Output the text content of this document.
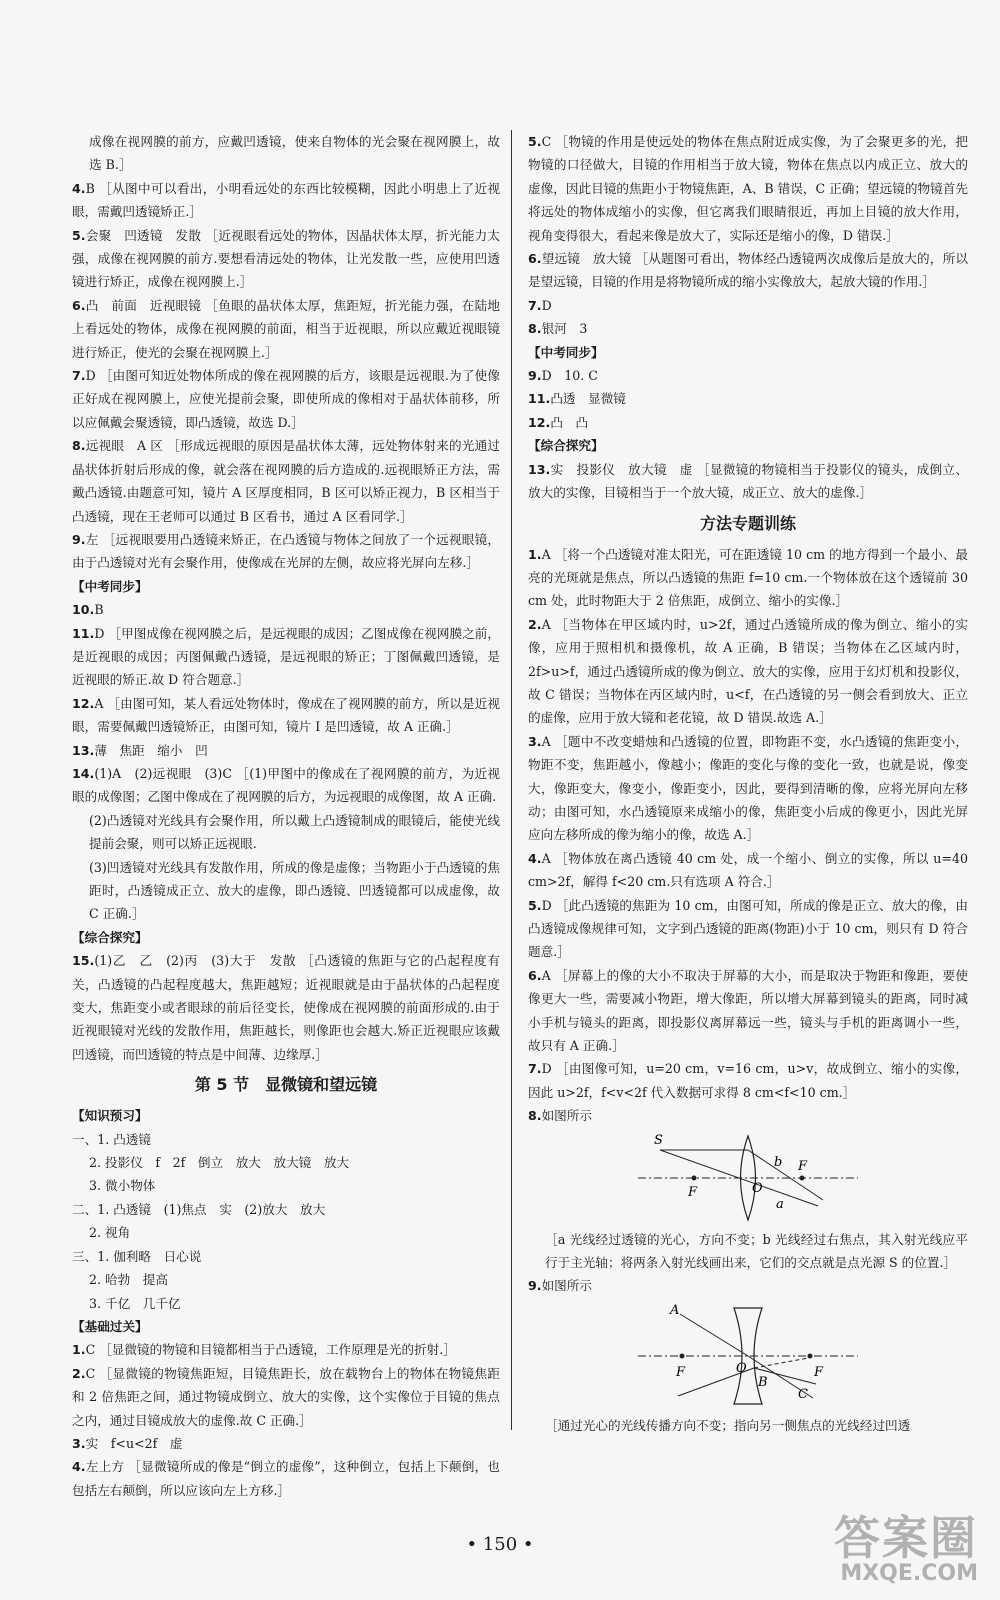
成像在视网膜的前方，应戴凹透镜，使来自物体的光会聚在视网膜上，故选 B.］

4.B ［从图中可以看出，小明看远处的东西比较模糊，因此小明患上了近视眼，需戴凹透镜矫正.］

5.会聚　凹透镜　发散 ［近视眼看远处的物体，因晶状体太厚，折光能力太强，成像在视网膜的前方.要想看清远处的物体，让光发散一些，应使用凹透镜进行矫正，成像在视网膜上.］

6.凸　前面　近视眼镜 ［鱼眼的晶状体太厚，焦距短，折光能力强，在陆地上看远处的物体，成像在视网膜的前面，相当于近视眼，所以应戴近视眼镜进行矫正，使光的会聚在视网膜上.］

7.D ［由图可知近处物体所成的像在视网膜的后方，该眼是远视眼.为了使像正好成在视网膜上，应使光提前会聚，即使所成的像相对于晶状体前移，所以应佩戴会聚透镜，即凸透镜，故选 D.］

8.远视眼　A 区 ［形成远视眼的原因是晶状体太薄，远处物体射来的光通过晶状体折射后形成的像，就会落在视网膜的后方造成的.远视眼矫正方法，需戴凸透镜.由题意可知，镜片 A 区厚度相同，B 区可以矫正视力，B 区相当于凸透镜，现在王老师可以通过 B 区看书，通过 A 区看同学.］

9.左 ［远视眼要用凸透镜来矫正，在凸透镜与物体之间放了一个远视眼镜，由于凸透镜对光有会聚作用，使像成在光屏的左侧，故应将光屏向左移.］

【中考同步】

10.B

11.D ［甲图成像在视网膜之后，是远视眼的成因；乙图成像在视网膜之前，是近视眼的成因；丙图佩戴凸透镜，是远视眼的矫正；丁图佩戴凹透镜，是近视眼的矫正.故 D 符合题意.］

12.A ［由图可知，某人看远处物体时，像成在了视网膜的前方，所以是近视眼，需要佩戴凹透镜矫正，由图可知，镜片 Ⅰ 是凹透镜，故 A 正确.］

13.薄　焦距　缩小　凹

14.(1)A　(2)远视眼　(3)C ［(1)甲图中的像成在了视网膜的前方，为近视眼的成像图；乙图中像成在了视网膜的后方，为远视眼的成像图，故 A 正确.

(2)凸透镜对光线具有会聚作用，所以戴上凸透镜制成的眼镜后，能使光线提前会聚，则可以矫正远视眼.

(3)凹透镜对光线具有发散作用，所成的像是虚像；当物距小于凸透镜的焦距时，凸透镜成正立、放大的虚像，即凸透镜、凹透镜都可以成虚像，故 C 正确.］

【综合探究】

15.(1)乙　乙　(2)丙　(3)大于　发散 ［凸透镜的焦距与它的凸起程度有关，凸透镜的凸起程度越大，焦距越短；近视眼就是由于晶状体的凸起程度变大，焦距变小或者眼球的前后径变长，使像成在视网膜的前面形成的.由于近视眼镜对光线的发散作用，焦距越长，则像距也会越大.矫正近视眼应该戴凹透镜，而凹透镜的特点是中间薄、边缘厚.］

第 5 节　显微镜和望远镜

【知识预习】

一、1. 凸透镜

2. 投影仪　f　2f　倒立　放大　放大镜　放大

3. 微小物体

二、1. 凸透镜　(1)焦点　实　(2)放大　放大

2. 视角

三、1. 伽利略　日心说

2. 哈勃　提高

3. 千亿　几千亿

【基础过关】

1.C ［显微镜的物镜和目镜都相当于凸透镜，工作原理是光的折射.］

2.C ［显微镜的物镜焦距短，目镜焦距长，放在载物台上的物体在物镜焦距和 2 倍焦距之间，通过物镜成倒立、放大的实像，这个实像位于目镜的焦点之内，通过目镜成放大的虚像.故 C 正确.］

3.实　f<u<2f　虚

4.左上方 ［显微镜所成的像是“倒立的虚像”，这种倒立，包括上下颠倒，也包括左右颠倒，所以应该向左上方移.］

5.C ［物镜的作用是使远处的物体在焦点附近成实像，为了会聚更多的光，把物镜的口径做大，目镜的作用相当于放大镜，物体在焦点以内成正立、放大的虚像，因此目镜的焦距小于物镜焦距，A、B 错误，C 正确；望远镜的物镜首先将远处的物体成缩小的实像，但它离我们眼睛很近，再加上目镜的放大作用，视角变得很大，看起来像是放大了，实际还是缩小的像，D 错误.］

6.望远镜　放大镜 ［从题图可看出，物体经凸透镜两次成像后是放大的，所以是望远镜，目镜的作用是将物镜所成的缩小实像放大，起放大镜的作用.］

7.D

8.银河　3

【中考同步】

9.D　10. C

11.凸透　显微镜

12.凸　凸

【综合探究】

13.实　投影仪　放大镜　虚 ［显微镜的物镜相当于投影仪的镜头，成倒立、放大的实像，目镜相当于一个放大镜，成正立、放大的虚像.］

方法专题训练

1.A ［将一个凸透镜对准太阳光，可在距透镜 10 cm 的地方得到一个最小、最亮的光斑就是焦点，所以凸透镜的焦距 f=10 cm.一个物体放在这个透镜前 30 cm 处，此时物距大于 2 倍焦距，成倒立、缩小的实像.］

2.A ［当物体在甲区域内时，u>2f，通过凸透镜所成的像为倒立、缩小的实像，应用于照相机和摄像机，故 A 正确，B 错误；当物体在乙区域内时，2f>u>f，通过凸透镜所成的像为倒立、放大的实像，应用于幻灯机和投影仪，故 C 错误；当物体在丙区域内时，u<f，在凸透镜的另一侧会看到放大、正立的虚像，应用于放大镜和老花镜，故 D 错误.故选 A.］

3.A ［题中不改变蜡烛和凸透镜的位置，即物距不变，水凸透镜的焦距变小，物距不变，焦距越小，像越小；像距的变化与像的变化一致，也就是说，像变大，像距变大，像变小，像距变小，因此，要得到清晰的像，应将光屏向左移动；由图可知，水凸透镜原来成缩小的像，焦距变小后成的像更小，因此光屏应向左移所成的像为缩小的像，故选 A.］

4.A ［物体放在离凸透镜 40 cm 处，成一个缩小、倒立的实像，所以 u=40 cm>2f，解得 f<20 cm.只有选项 A 符合.］

5.D ［此凸透镜的焦距为 10 cm，由图可知，所成的像是正立、放大的像，由凸透镜成像规律可知，文字到凸透镜的距离(物距)小于 10 cm，则只有 D 符合题意.］

6.A ［屏幕上的像的大小不取决于屏幕的大小，而是取决于物距和像距，要使像更大一些，需要减小物距，增大像距，所以增大屏幕到镜头的距离，同时减小手机与镜头的距离，即投影仪离屏幕远一些，镜头与手机的距离调小一些，故只有 A 正确.］

7.D ［由图像可知，u=20 cm，v=16 cm，u>v，故成倒立、缩小的实像，因此 u>2f，f<v<2f 代入数据可求得 8 cm<f<10 cm.］

8.如图所示

S
O
F
F
b
a

［a 光线经过透镜的光心，方向不变；b 光线经过右焦点，其入射光线应平行于主光轴；将两条入射光线画出来，它们的交点就是点光源 S 的位置.］

9.如图所示

A
O
F	F
B
C

［通过光心的光线传播方向不变；指向另一侧焦点的光线经过凹透

• 150 •	答案圈
MXQE.COM
